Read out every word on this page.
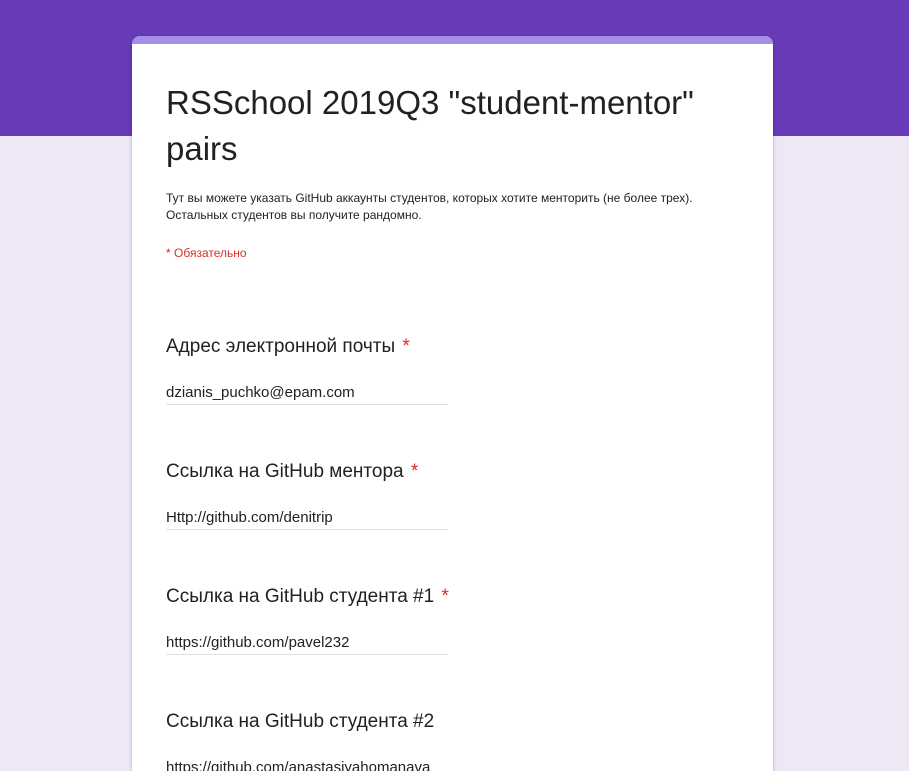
RSSchool 2019Q3 "student-mentor" pairs

Тут вы можете указать GitHub аккаунты студентов, которых хотите менторить (не более трех). Остальных студентов вы получите рандомно.

* Обязательно

Адрес электронной почты *

dzianis_puchko@epam.com

Ссылка на GitHub ментора *

Http://github.com/denitrip

Ссылка на GitHub студента #1 *

https://github.com/pavel232

Ссылка на GitHub студента #2

https://github.com/anastasiyahomanava
